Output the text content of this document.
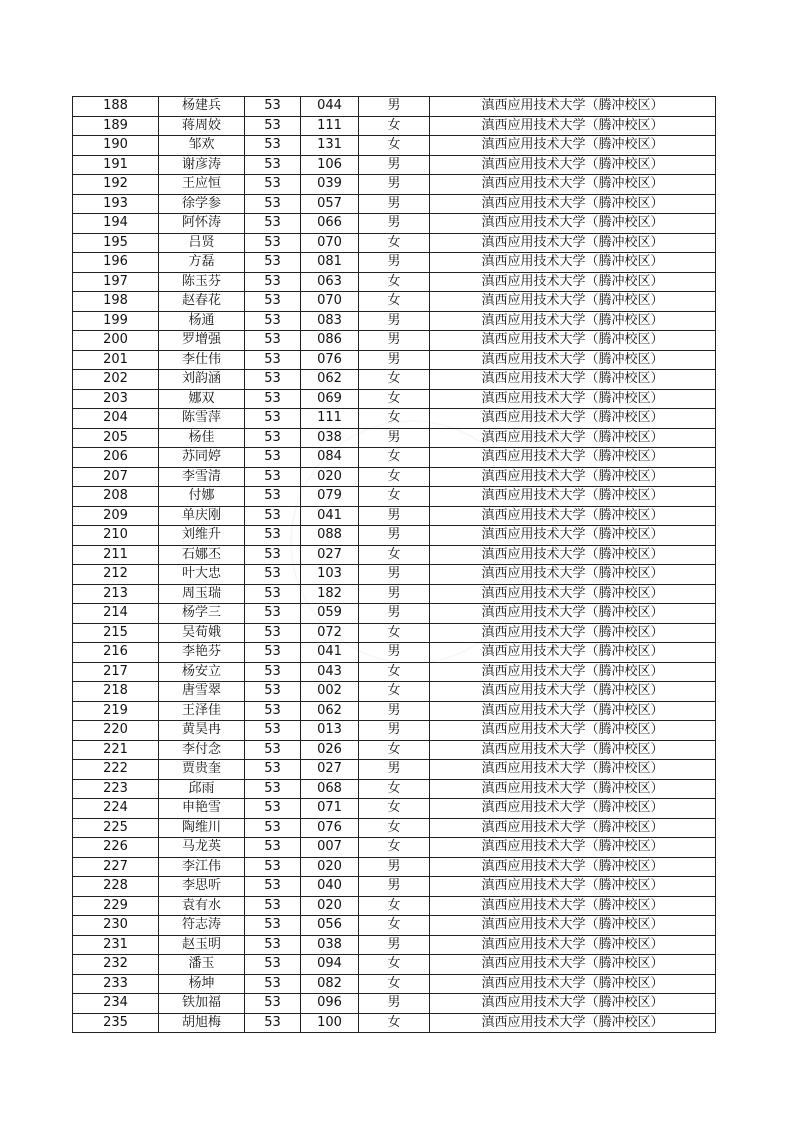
188	杨建兵	53	044	男	滇西应用技术大学（腾冲校区）
189	蒋周姣	53	111	女	滇西应用技术大学（腾冲校区）
190	邹欢	53	131	女	滇西应用技术大学（腾冲校区）
191	谢彦涛	53	106	男	滇西应用技术大学（腾冲校区）
192	王应恒	53	039	男	滇西应用技术大学（腾冲校区）
193	徐学参	53	057	男	滇西应用技术大学（腾冲校区）
194	阿怀涛	53	066	男	滇西应用技术大学（腾冲校区）
195	吕贤	53	070	女	滇西应用技术大学（腾冲校区）
196	方磊	53	081	男	滇西应用技术大学（腾冲校区）
197	陈玉芬	53	063	女	滇西应用技术大学（腾冲校区）
198	赵春花	53	070	女	滇西应用技术大学（腾冲校区）
199	杨通	53	083	男	滇西应用技术大学（腾冲校区）
200	罗增强	53	086	男	滇西应用技术大学（腾冲校区）
201	李仕伟	53	076	男	滇西应用技术大学（腾冲校区）
202	刘韵涵	53	062	女	滇西应用技术大学（腾冲校区）
203	娜双	53	069	女	滇西应用技术大学（腾冲校区）
204	陈雪萍	53	111	女	滇西应用技术大学（腾冲校区）
205	杨佳	53	038	男	滇西应用技术大学（腾冲校区）
206	苏同婷	53	084	女	滇西应用技术大学（腾冲校区）
207	李雪清	53	020	女	滇西应用技术大学（腾冲校区）
208	付娜	53	079	女	滇西应用技术大学（腾冲校区）
209	单庆刚	53	041	男	滇西应用技术大学（腾冲校区）
210	刘维升	53	088	男	滇西应用技术大学（腾冲校区）
211	石娜丕	53	027	女	滇西应用技术大学（腾冲校区）
212	叶大忠	53	103	男	滇西应用技术大学（腾冲校区）
213	周玉瑞	53	182	男	滇西应用技术大学（腾冲校区）
214	杨学三	53	059	男	滇西应用技术大学（腾冲校区）
215	吴荀娥	53	072	女	滇西应用技术大学（腾冲校区）
216	李艳芬	53	041	男	滇西应用技术大学（腾冲校区）
217	杨安立	53	043	女	滇西应用技术大学（腾冲校区）
218	唐雪翠	53	002	女	滇西应用技术大学（腾冲校区）
219	王泽佳	53	062	男	滇西应用技术大学（腾冲校区）
220	黄昊冉	53	013	男	滇西应用技术大学（腾冲校区）
221	李付念	53	026	女	滇西应用技术大学（腾冲校区）
222	贾贵奎	53	027	男	滇西应用技术大学（腾冲校区）
223	邱雨	53	068	女	滇西应用技术大学（腾冲校区）
224	申艳雪	53	071	女	滇西应用技术大学（腾冲校区）
225	陶维川	53	076	女	滇西应用技术大学（腾冲校区）
226	马龙英	53	007	女	滇西应用技术大学（腾冲校区）
227	李江伟	53	020	男	滇西应用技术大学（腾冲校区）
228	李思听	53	040	男	滇西应用技术大学（腾冲校区）
229	袁有水	53	020	女	滇西应用技术大学（腾冲校区）
230	符志涛	53	056	女	滇西应用技术大学（腾冲校区）
231	赵玉明	53	038	男	滇西应用技术大学（腾冲校区）
232	潘玉	53	094	女	滇西应用技术大学（腾冲校区）
233	杨坤	53	082	女	滇西应用技术大学（腾冲校区）
234	铁加福	53	096	男	滇西应用技术大学（腾冲校区）
235	胡旭梅	53	100	女	滇西应用技术大学（腾冲校区）
